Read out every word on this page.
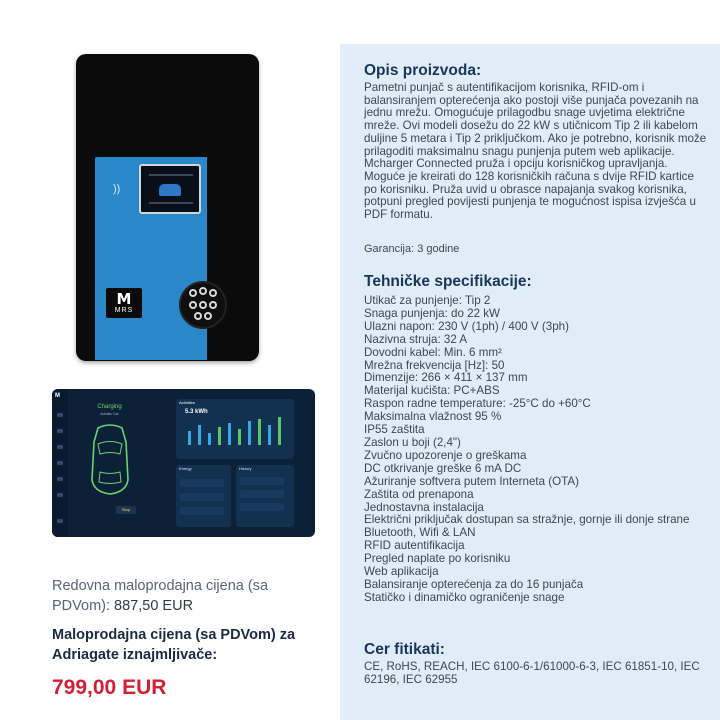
))
M
MRS
M
Charging
Adriatic Car
Stop
Activities
5.3 kWh
Energy	History
Redovna maloprodajna cijena (sa PDVom): 887,50 EUR
Maloprodajna cijena (sa PDVom) za Adriagate iznajmljivače:
799,00 EUR
Opis proizvoda:
Pametni punjač s autentifikacijom korisnika, RFID-om i balansiranjem opterećenja ako postoji više punjača povezanih na jednu mrežu. Omogućuje prilagodbu snage uvjetima električne mreže. Ovi modeli dosežu do 22 kW s utičnicom Tip 2 ili kabelom duljine 5 metara i Tip 2 priključkom. Ako je potrebno, korisnik može prilagoditi maksimalnu snagu punjenja putem web aplikacije. Mcharger Connected pruža i opciju korisničkog upravljanja. Moguće je kreirati do 128 korisničkih računa s dvije RFID kartice po korisniku. Pruža uvid u obrasce napajanja svakog korisnika, potpuni pregled povijesti punjenja te mogućnost ispisa izvješća u PDF formatu.
Garancija: 3 godine
Tehničke specifikacije:
Utikač za punjenje: Tip 2
Snaga punjenja: do 22 kW
Ulazni napon: 230 V (1ph) / 400 V (3ph)
Nazivna struja: 32 A
Dovodni kabel: Min. 6 mm²
Mrežna frekvencija [Hz]: 50
Dimenzije: 266 × 411 × 137 mm
Materijal kućišta: PC+ABS
Raspon radne temperature: -25°C do +60°C
Maksimalna vlažnost 95 %
IP55 zaštita
Zaslon u boji (2,4")
Zvučno upozorenje o greškama
DC otkrivanje greške 6 mA DC
Ažuriranje softvera putem Interneta (OTA)
Zaštita od prenapona
Jednostavna instalacija
Električni priključak dostupan sa stražnje, gornje ili donje strane
Bluetooth, Wifi & LAN
RFID autentifikacija
Pregled naplate po korisniku
Web aplikacija
Balansiranje opterećenja za do 16 punjača
Statičko i dinamičko ograničenje snage
Cer fitikati:
CE, RoHS, REACH, IEC 6100-6-1/61000-6-3, IEC 61851-10, IEC 62196, IEC 62955
